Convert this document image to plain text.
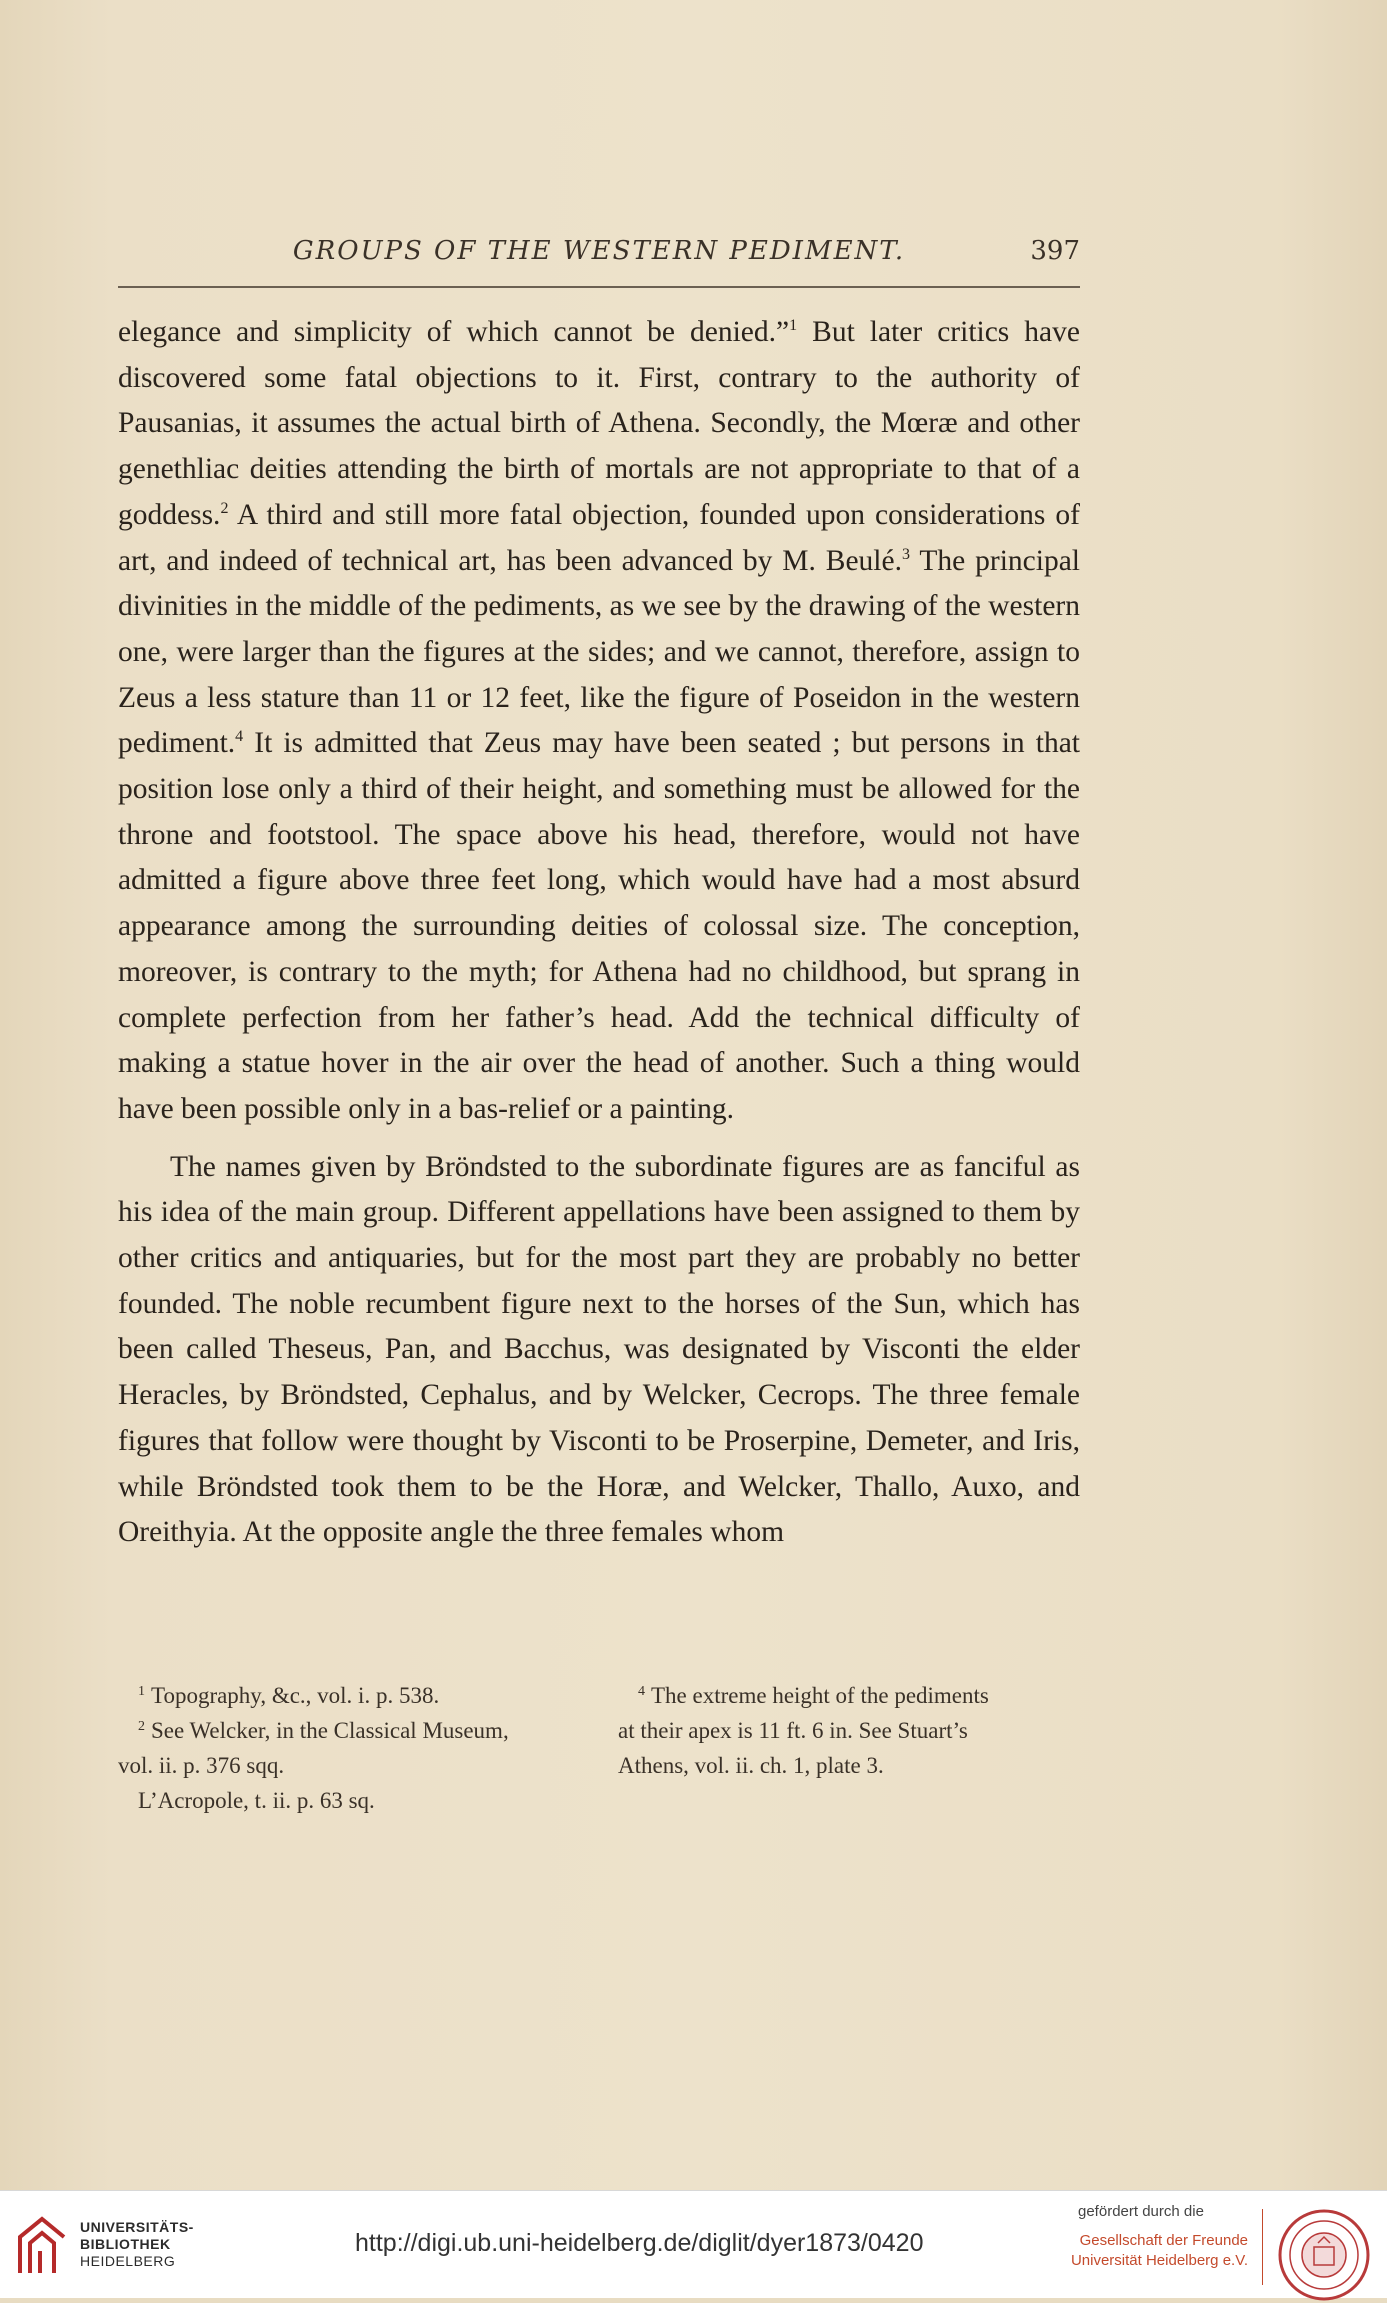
GROUPS OF THE WESTERN PEDIMENT.	397

elegance and simplicity of which cannot be denied.”$^1$ But later critics have discovered some fatal objections to it. First, contrary to the authority of Pausanias, it assumes the actual birth of Athena. Secondly, the Mœræ and other genethliac deities attending the birth of mortals are not appropriate to that of a goddess.$^2$ A third and still more fatal objection, founded upon considerations of art, and indeed of technical art, has been advanced by M. Beulé.$^3$ The principal divinities in the middle of the pediments, as we see by the drawing of the western one, were larger than the figures at the sides; and we cannot, therefore, assign to Zeus a less stature than 11 or 12 feet, like the figure of Poseidon in the western pediment.$^4$ It is admitted that Zeus may have been seated ; but persons in that position lose only a third of their height, and something must be allowed for the throne and footstool. The space above his head, therefore, would not have admitted a figure above three feet long, which would have had a most absurd appearance among the surrounding deities of colossal size. The conception, moreover, is contrary to the myth; for Athena had no childhood, but sprang in complete perfection from her father’s head. Add the technical difficulty of making a statue hover in the air over the head of another. Such a thing would have been possible only in a bas-relief or a painting.

The names given by Bröndsted to the subordinate figures are as fanciful as his idea of the main group. Different appellations have been assigned to them by other critics and antiquaries, but for the most part they are probably no better founded. The noble recumbent figure next to the horses of the Sun, which has been called Theseus, Pan, and Bacchus, was designated by Visconti the elder Heracles, by Bröndsted, Cephalus, and by Welcker, Cecrops. The three female figures that follow were thought by Visconti to be Proserpine, Demeter, and Iris, while Bröndsted took them to be the Horæ, and Welcker, Thallo, Auxo, and Oreithyia. At the opposite angle the three females whom

$^1$ Topography, &c., vol. i. p. 538.
$^2$ See Welcker, in the Classical Museum,
vol. ii. p. 376 sqq.
L’Acropole, t. ii. p. 63 sq.
$^4$ The extreme height of the pediments
at their apex is 11 ft. 6 in. See Stuart’s
Athens, vol. ii. ch. 1, plate 3.
UNIVERSITÄTS-
BIBLIOTHEK
HEIDELBERG
http://digi.ub.uni-heidelberg.de/diglit/dyer1873/0420
gefördert durch die
Gesellschaft der Freunde
Universität Heidelberg e.V.
